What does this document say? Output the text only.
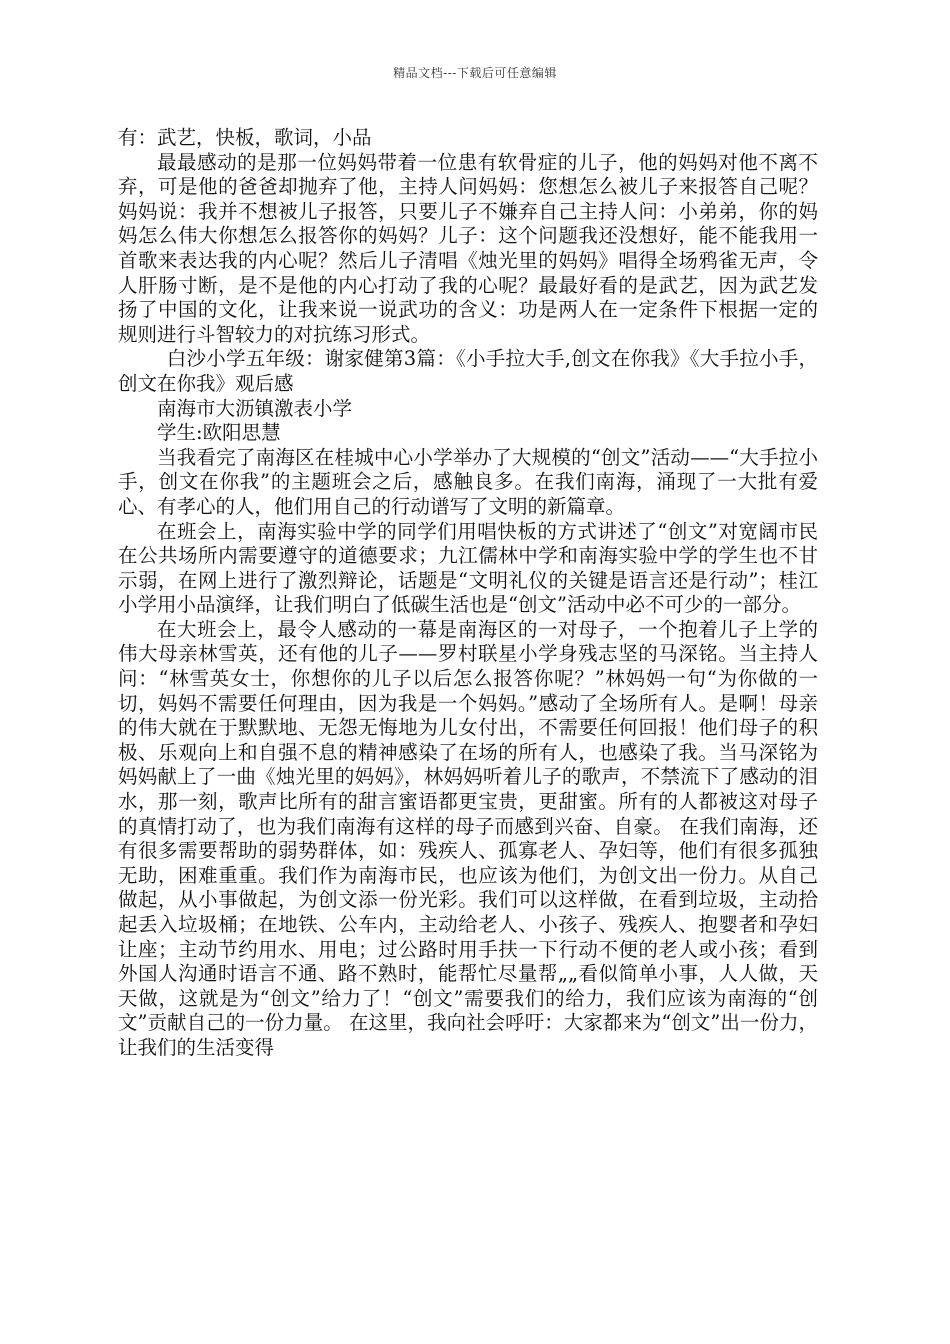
精品文档---下载后可任意编辑

有：武艺，快板，歌词，小品

最最感动的是那一位妈妈带着一位患有软骨症的儿子，他的妈妈对他不离不弃，可是他的爸爸却抛弃了他，主持人问妈妈：您想怎么被儿子来报答自己呢？妈妈说：我并不想被儿子报答，只要儿子不嫌弃自己主持人问：小弟弟，你的妈妈怎么伟大你想怎么报答你的妈妈？儿子：这个问题我还没想好，能不能我用一首歌来表达我的内心呢？然后儿子清唱《烛光里的妈妈》唱得全场鸦雀无声，令人肝肠寸断，是不是他的内心打动了我的心呢？最最好看的是武艺，因为武艺发扬了中国的文化，让我来说一说武功的含义：功是两人在一定条件下根据一定的规则进行斗智较力的对抗练习形式。

白沙小学五年级：谢家健第3篇：《小手拉大手,创文在你我》《大手拉小手，创文在你我》观后感

南海市大沥镇激表小学

学生:欧阳思慧

当我看完了南海区在桂城中心小学举办了大规模的“创文”活动——“大手拉小手，创文在你我”的主题班会之后，感触良多。在我们南海，涌现了一大批有爱心、有孝心的人，他们用自己的行动谱写了文明的新篇章。

在班会上，南海实验中学的同学们用唱快板的方式讲述了“创文”对宽阔市民在公共场所内需要遵守的道德要求；九江儒林中学和南海实验中学的学生也不甘示弱，在网上进行了激烈辩论，话题是“文明礼仪的关键是语言还是行动”；桂江小学用小品演绎，让我们明白了低碳生活也是“创文”活动中必不可少的一部分。

在大班会上，最令人感动的一幕是南海区的一对母子，一个抱着儿子上学的伟大母亲林雪英，还有他的儿子——罗村联星小学身残志坚的马深铭。当主持人问：“林雪英女士，你想你的儿子以后怎么报答你呢？”林妈妈一句“为你做的一切，妈妈不需要任何理由，因为我是一个妈妈。”感动了全场所有人。是啊！母亲的伟大就在于默默地、无怨无悔地为儿女付出，不需要任何回报！他们母子的积极、乐观向上和自强不息的精神感染了在场的所有人，也感染了我。当马深铭为妈妈献上了一曲《烛光里的妈妈》，林妈妈听着儿子的歌声，不禁流下了感动的泪水，那一刻，歌声比所有的甜言蜜语都更宝贵，更甜蜜。所有的人都被这对母子的真情打动了，也为我们南海有这样的母子而感到兴奋、自豪。 在我们南海，还有很多需要帮助的弱势群体，如：残疾人、孤寡老人、孕妇等，他们有很多孤独无助，困难重重。我们作为南海市民，也应该为他们，为创文出一份力。从自己做起，从小事做起，为创文添一份光彩。我们可以这样做，在看到垃圾，主动拾起丢入垃圾桶；在地铁、公车内，主动给老人、小孩子、残疾人、抱婴者和孕妇让座；主动节约用水、用电；过公路时用手扶一下行动不便的老人或小孩；看到外国人沟通时语言不通、路不熟时，能帮忙尽量帮„„看似简单小事，人人做，天天做，这就是为“创文”给力了！“创文”需要我们的给力，我们应该为南海的“创文”贡献自己的一份力量。 在这里，我向社会呼吁：大家都来为“创文”出一份力，让我们的生活变得
